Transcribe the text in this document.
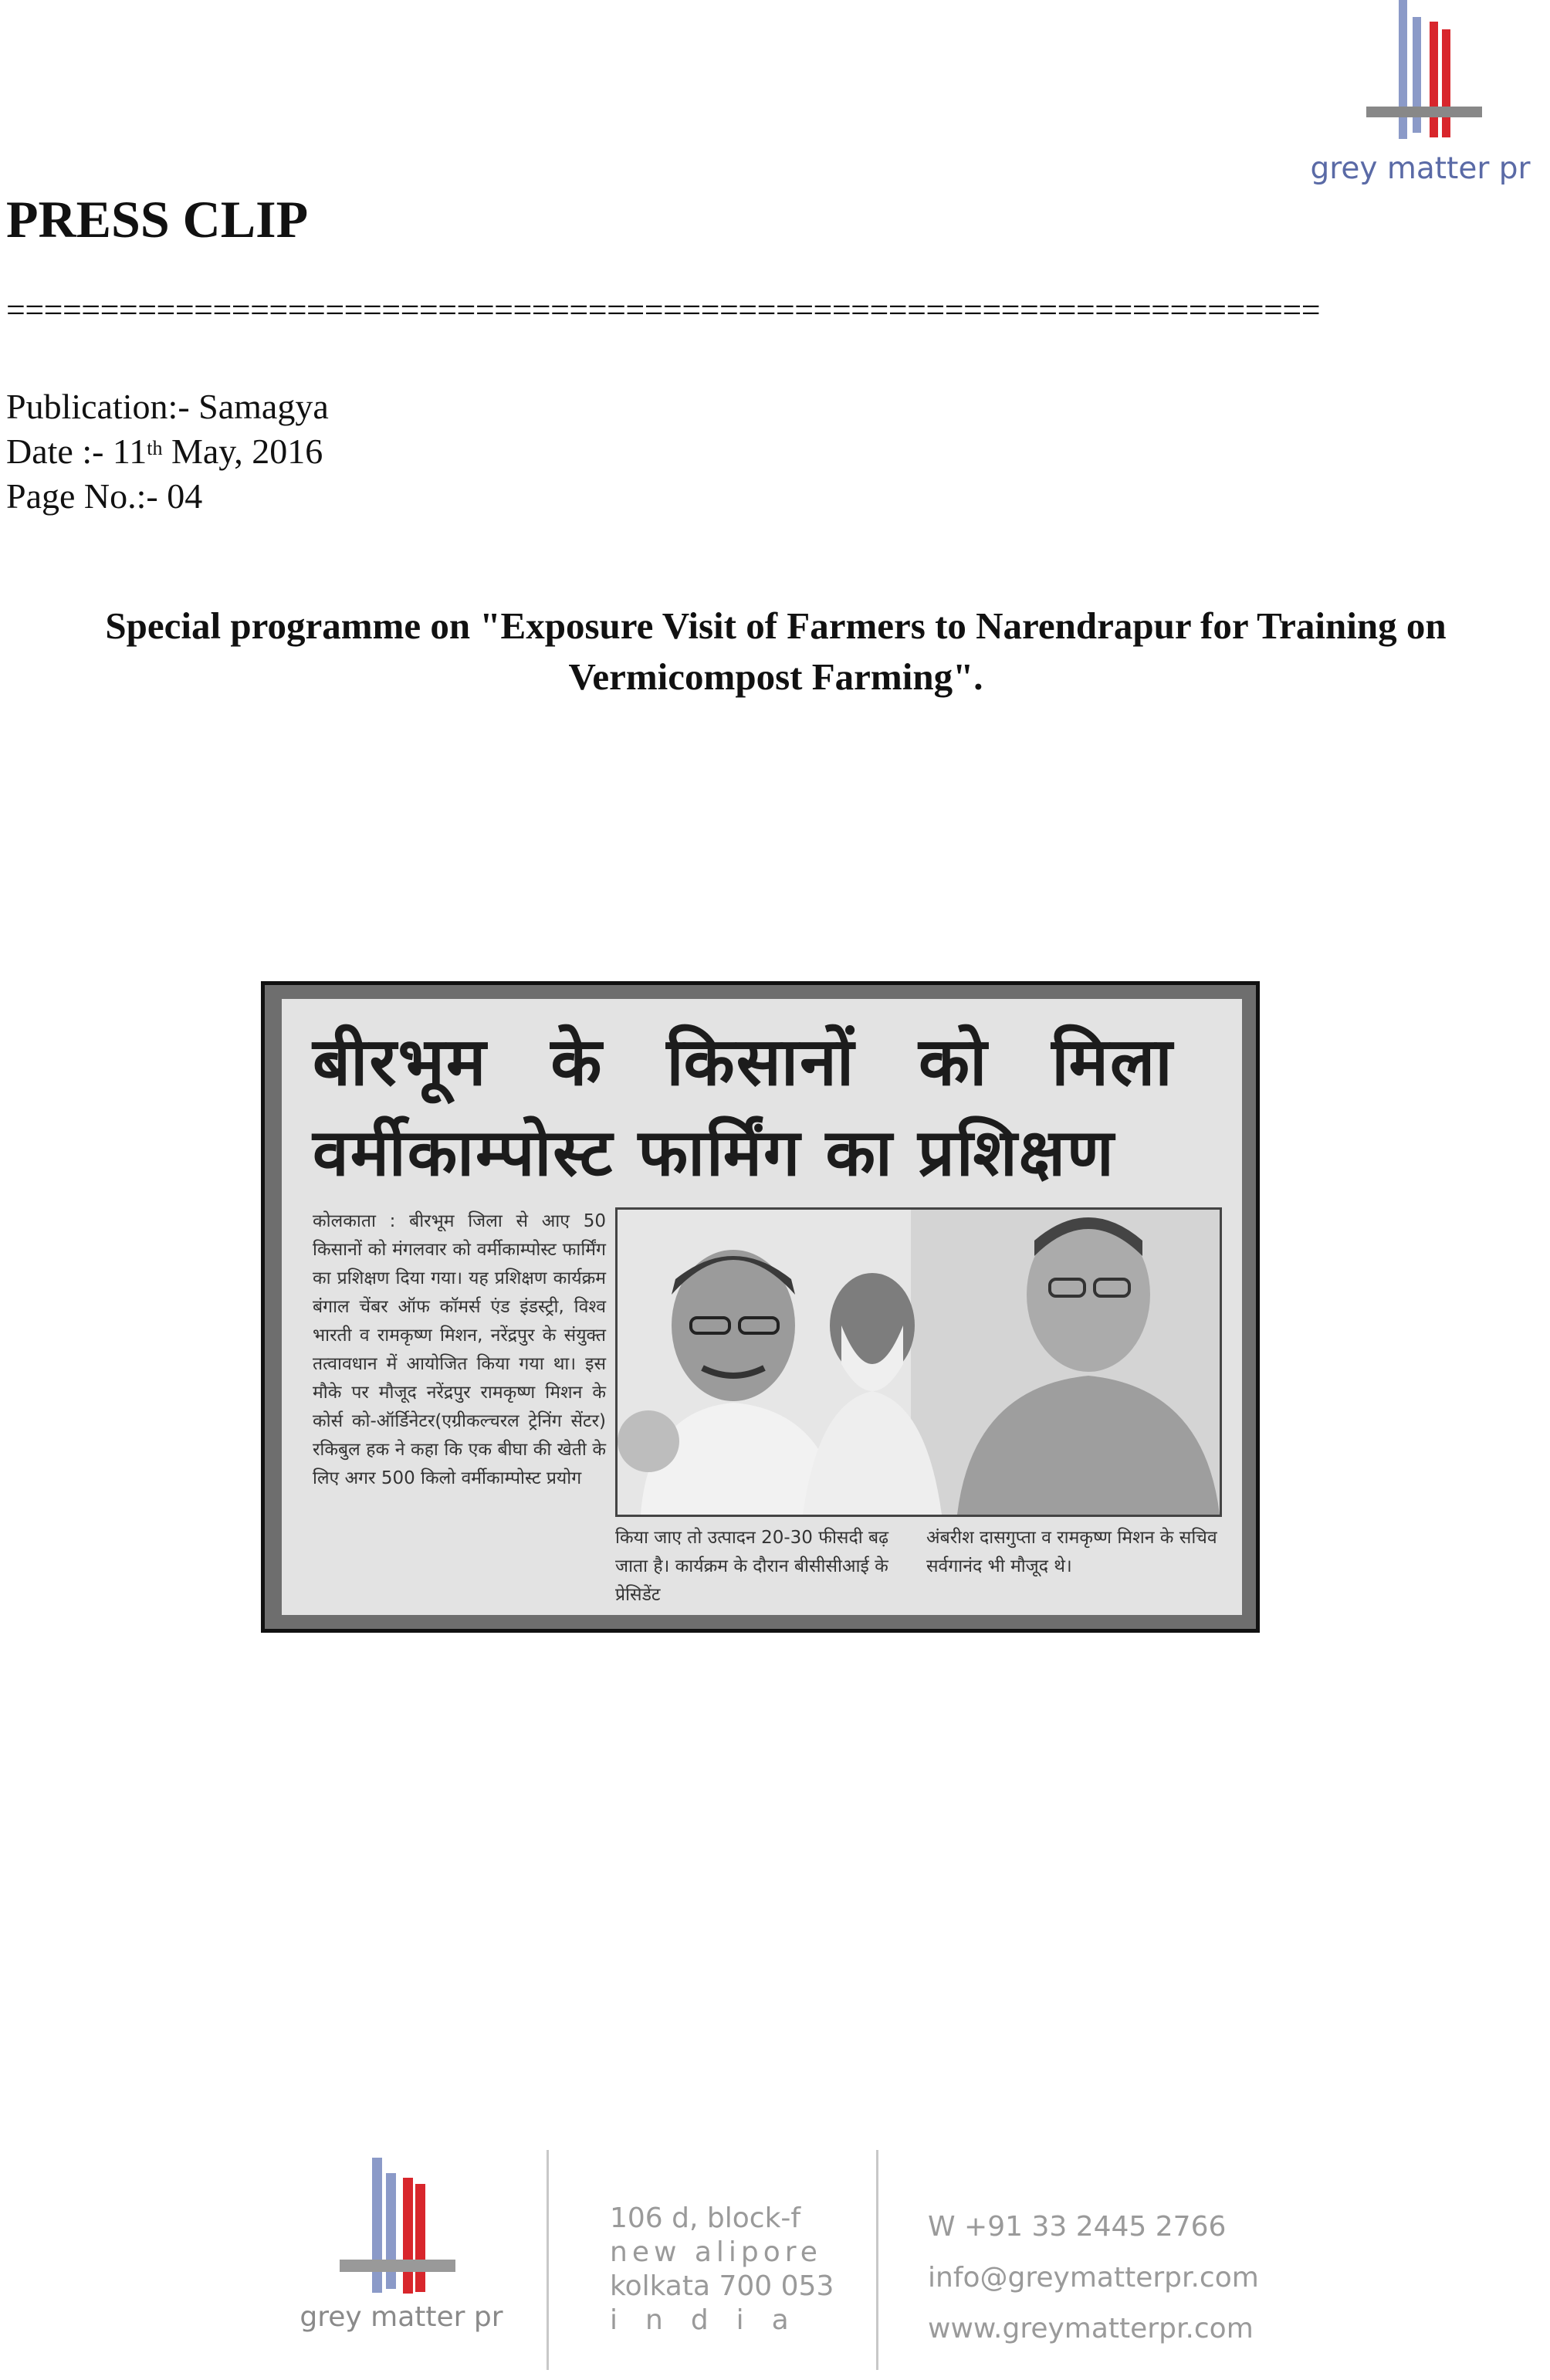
grey matter pr
PRESS CLIP
======================================================================
Publication:- Samagya
Date :- 11th May, 2016
Page No.:- 04
Special programme on "Exposure Visit of Farmers to Narendrapur for Training on Vermicompost Farming".
बीरभूम के किसानों को मिला
वर्मीकाम्पोस्ट फार्मिंग का प्रशिक्षण
कोलकाता : बीरभूम जिला से आए 50 किसानों को मंगलवार को वर्मीकाम्पोस्ट फार्मिंग का प्रशिक्षण दिया गया। यह प्रशिक्षण कार्यक्रम बंगाल चेंबर ऑफ कॉमर्स एंड इंडस्ट्री, विश्व भारती व रामकृष्ण मिशन, नरेंद्रपुर के संयुक्त तत्वावधान में आयोजित किया गया था। इस मौके पर मौजूद नरेंद्रपुर रामकृष्ण मिशन के कोर्स को-ऑर्डिनेटर(एग्रीकल्चरल ट्रेनिंग सेंटर) रकिबुल हक ने कहा कि एक बीघा की खेती के लिए अगर 500 किलो वर्मीकाम्पोस्ट प्रयोग
किया जाए तो उत्पादन 20-30 फीसदी बढ़ जाता है। कार्यक्रम के दौरान बीसीसीआई के प्रेसिडेंट
अंबरीश दासगुप्ता व रामकृष्ण मिशन के सचिव सर्वगानंद भी मौजूद थे।
grey matter pr
106 d, block-f
new alipore
kolkata 700 053
india
W +91 33 2445 2766
info@greymatterpr.com
www.greymatterpr.com
